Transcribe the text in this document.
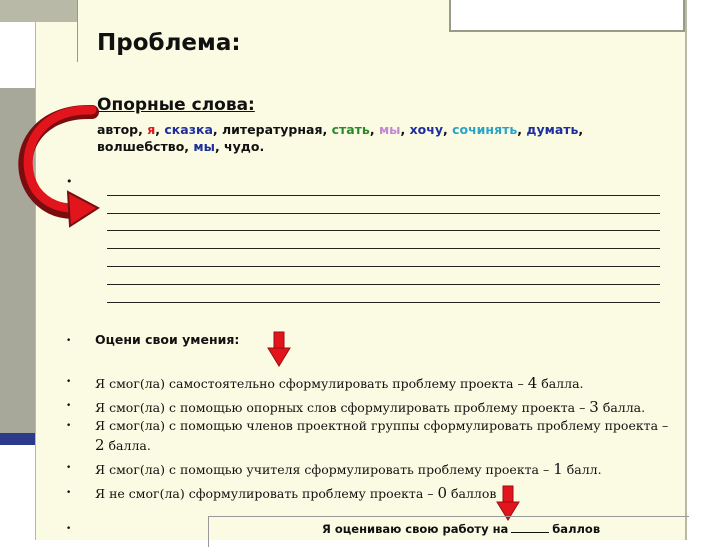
Проблема:
Опорные слова:
автор, я, сказка, литературная, стать, мы, хочу, сочинять, думать, волшебство, мы, чудо.
•
• Оцени свои умения:
• Я смог(ла) самостоятельно сформулировать проблему проекта – 4 балла.
• Я смог(ла) с помощью опорных слов сформулировать проблему проекта – 3 балла.
• Я смог(ла) с помощью членов проектной группы сформулировать проблему проекта –
2 балла.
• Я смог(ла) с помощью учителя сформулировать проблему проекта – 1 балл.
• Я не смог(ла) сформулировать проблему проекта – 0 баллов
•	Я оцениваю свою работу на	баллов
